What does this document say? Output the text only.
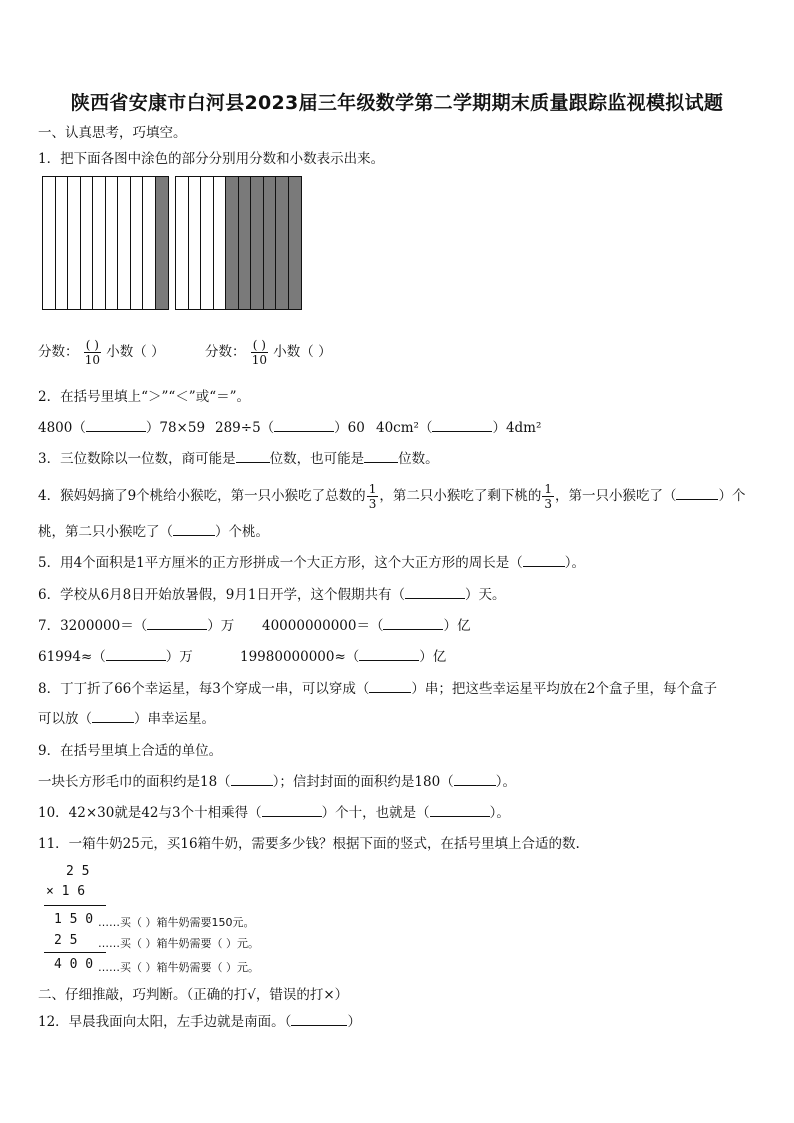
陕西省安康市白河县2023届三年级数学第二学期期末质量跟踪监视模拟试题
一、认真思考，巧填空。
1．把下面各图中涂色的部分分别用分数和小数表示出来。
分数： $\frac{( )}{10}$ 小数（ ）	分数： $\frac{( )}{10}$ 小数（ ）
2．在括号里填上“＞”“＜”或“＝”。
4800（	）78×59 289÷5（	）60 40cm²（	）4dm²
3．三位数除以一位数，商可能是	位数，也可能是	位数。
4．猴妈妈摘了9个桃给小猴吃，第一只小猴吃了总数的 $\frac{1}{3}$ ，第二只小猴吃了剩下桃的 $\frac{1}{3}$ ，第一只小猴吃了（	）个
桃，第二只小猴吃了（	）个桃。
5．用4个面积是1平方厘米的正方形拼成一个大正方形，这个大正方形的周长是（	）。
6．学校从6月8日开始放暑假，9月1日开学，这个假期共有（	）天。
7．3200000＝（	）万 40000000000＝（	）亿
61994≈（	）万	19980000000≈（	）亿
8．丁丁折了66个幸运星，每3个穿成一串，可以穿成（	）串；把这些幸运星平均放在2个盒子里，每个盒子
可以放（	）串幸运星。
9．在括号里填上合适的单位。
一块长方形毛巾的面积约是18（	）；信封封面的面积约是180（	）。
10．42×30就是42与3个十相乘得（	）个十，也就是（	）。
11．一箱牛奶25元，买16箱牛奶，需要多少钱？根据下面的竖式，在括号里填上合适的数.
2 5
× 1 6
1 5 0 ……买（ ）箱牛奶需要150元。
2 5 ……买（ ）箱牛奶需要（ ）元。
4 0 0 ……买（ ）箱牛奶需要（ ）元。
二、仔细推敲，巧判断。（正确的打√，错误的打×）
12．早晨我面向太阳，左手边就是南面。（	）
